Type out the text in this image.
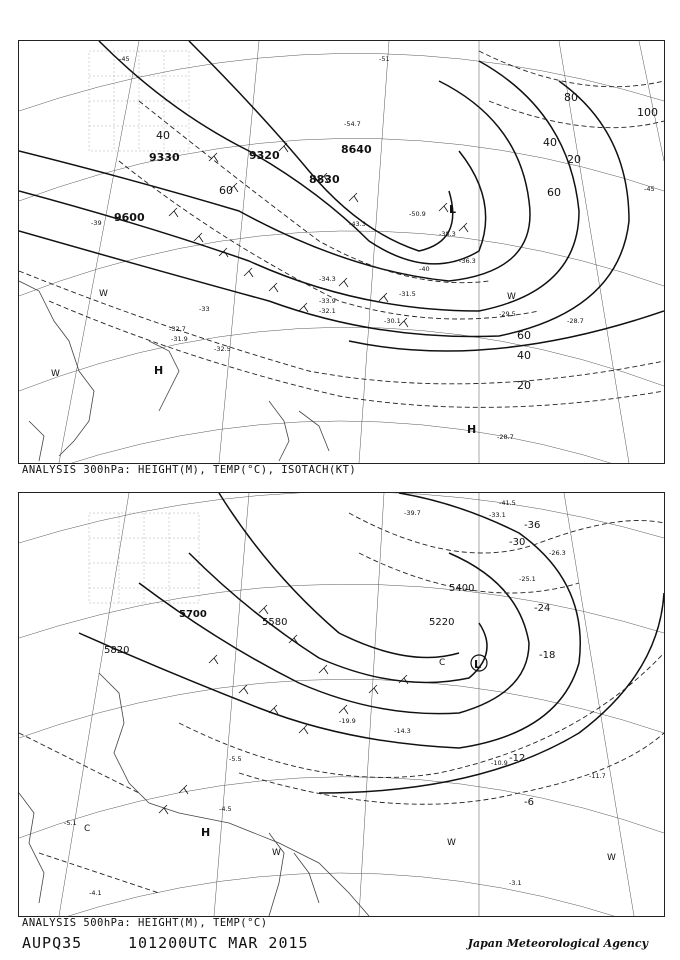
9600
9330	9320
8830
8640
20
40
60
80
100
60
40
20
40
60
-45	-51
-54.7
-50.9
-43.3
-40
-38.3
-36.3
-34.3
-33.9
-32.1
-31.5
-30.1
-29.5
-28.7
-28.7
-32.7
-32.5
-31.9
-33
-39
-45
H
H
L
W	W
W
ANALYSIS 300hPa: HEIGHT(M), TEMP(°C), ISOTACH(KT)
5820
5700
5580	5220
5400
-12
-18
-24
-30
-36
-6
-41.5
-39.7	-33.1
-26.3
-25.1
-11.7
-10.9
-14.3
-19.9
-5.5
-4.5
-5.1
-4.1
-3.1
H
L
C
C
W	W
W
ANALYSIS 500hPa: HEIGHT(M), TEMP(°C)
AUPQ35	101200UTC MAR 2015	Japan Meteorological Agency
